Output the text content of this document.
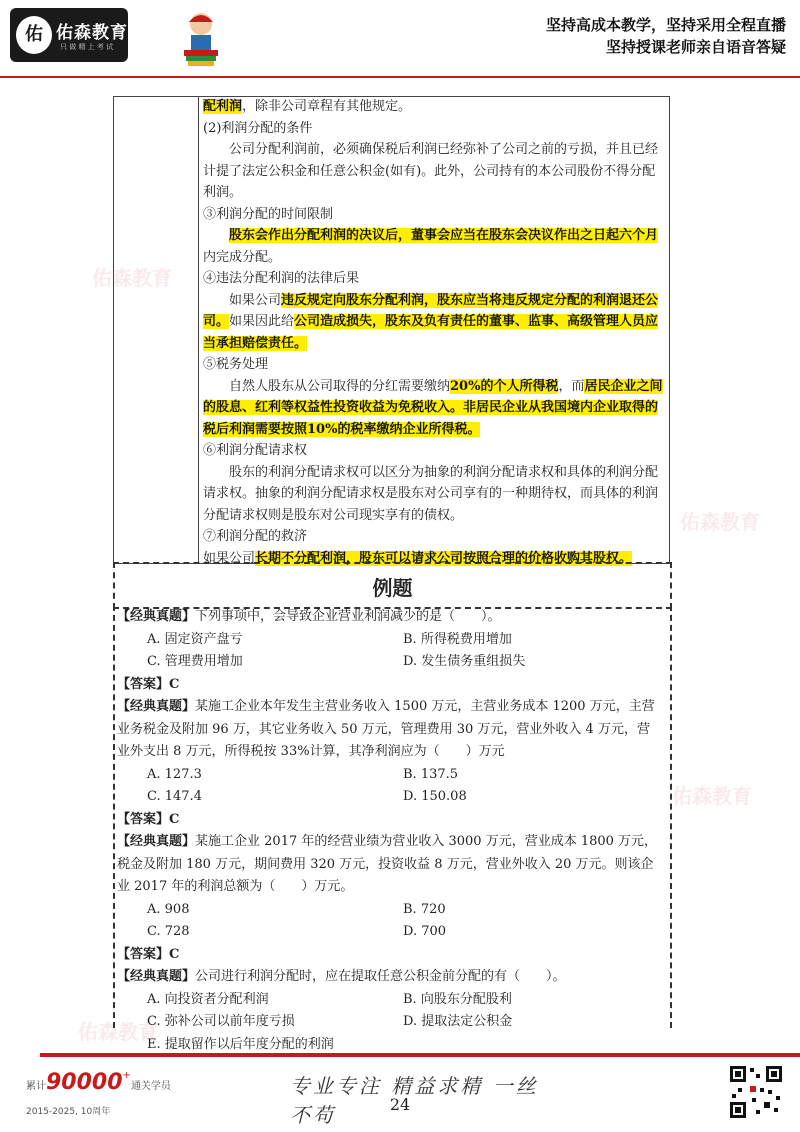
佑 佑森教育
只 做 精 上 考 试
坚持高成本教学，坚持采用全程直播
坚持授课老师亲自语音答疑
佑森教育
佑森教育
佑森教育
佑森教育

配利润，除非公司章程有其他规定。

(2)利润分配的条件

公司分配利润前，必须确保税后利润已经弥补了公司之前的亏损，并且已经计提了法定公积金和任意公积金(如有)。此外，公司持有的本公司股份不得分配利润。

③利润分配的时间限制

股东会作出分配利润的决议后，董事会应当在股东会决议作出之日起六个月内完成分配。

④违法分配利润的法律后果

如果公司违反规定向股东分配利润，股东应当将违反规定分配的利润退还公司。如果因此给公司造成损失，股东及负有责任的董事、监事、高级管理人员应当承担赔偿责任。

⑤税务处理

自然人股东从公司取得的分红需要缴纳20%的个人所得税，而居民企业之间的股息、红利等权益性投资收益为免税收入。非居民企业从我国境内企业取得的税后利润需要按照10%的税率缴纳企业所得税。

⑥利润分配请求权

股东的利润分配请求权可以区分为抽象的利润分配请求权和具体的利润分配请求权。抽象的利润分配请求权是股东对公司享有的一种期待权，而具体的利润分配请求权则是股东对公司现实享有的债权。

⑦利润分配的救济

如果公司长期不分配利润，股东可以请求公司按照合理的价格收购其股权。

例题
【经典真题】下列事项中，会导致企业营业利润减少的是（　　）。
A. 固定资产盘亏	B. 所得税费用增加
C. 管理费用增加	D. 发生债务重组损失
【答案】C
【经典真题】某施工企业本年发生主营业务收入 1500 万元，主营业务成本 1200 万元，主营业务税金及附加 96 万，其它业务收入 50 万元，管理费用 30 万元，营业外收入 4 万元，营业外支出 8 万元，所得税按 33%计算，其净利润应为（　　）万元
A. 127.3	B. 137.5
C. 147.4	D. 150.08
【答案】C
【经典真题】某施工企业 2017 年的经营业绩为营业收入 3000 万元，营业成本 1800 万元，税金及附加 180 万元，期间费用 320 万元，投资收益 8 万元，营业外收入 20 万元。则该企业 2017 年的利润总额为（　　）万元。
A. 908	B. 720
C. 728	D. 700
【答案】C
【经典真题】公司进行利润分配时，应在提取任意公积金前分配的有（　　）。
A. 向投资者分配利润	B. 向股东分配股利
C. 弥补公司以前年度亏损	D. 提取法定公积金
E. 提取留作以后年度分配的利润
累计90000+通关学员
2015-2025, 10周年
专业专注 精益求精 一丝不苟	24
